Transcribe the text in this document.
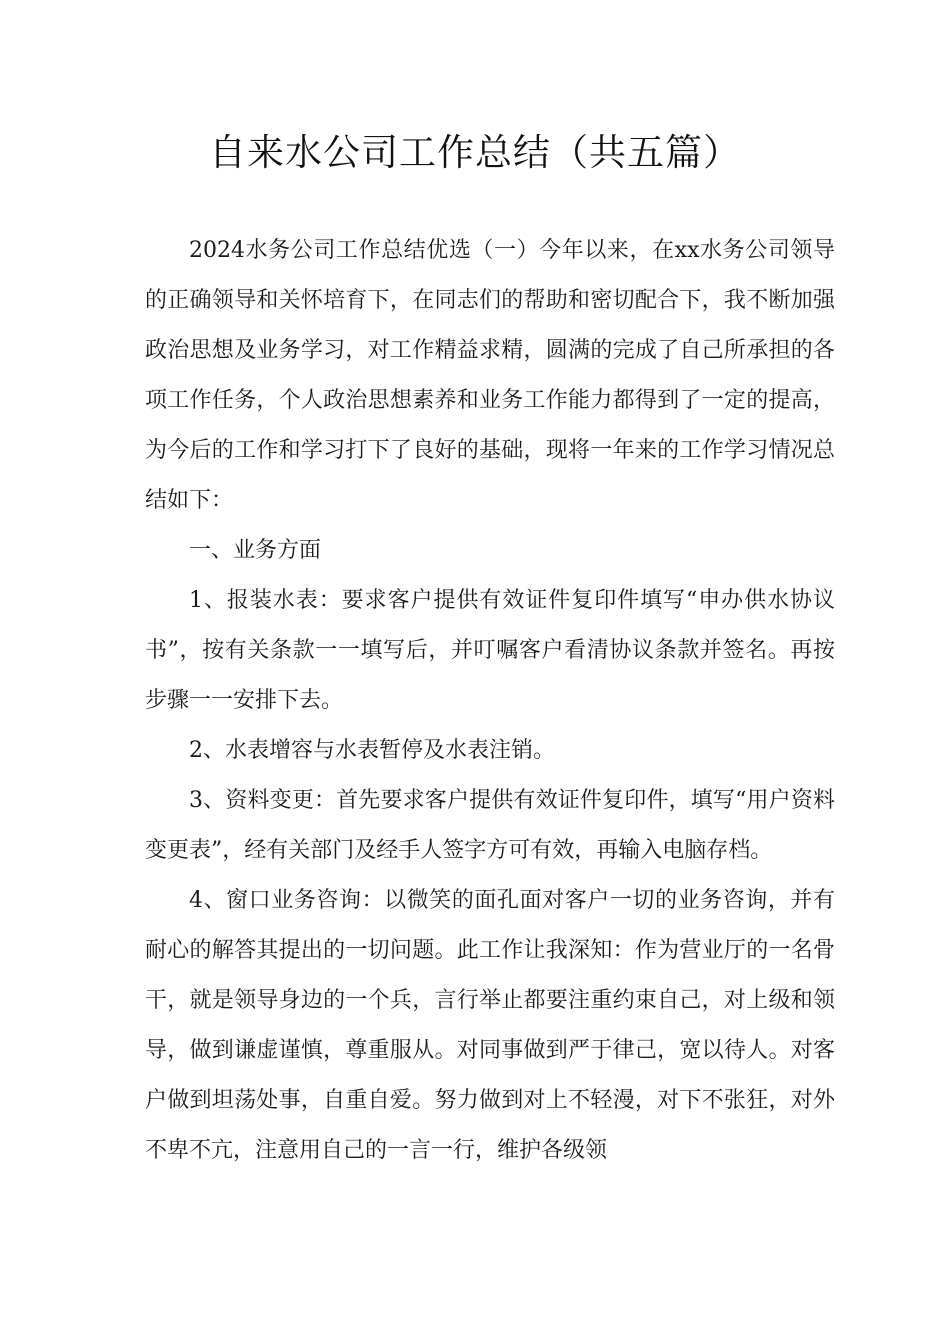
自来水公司工作总结（共五篇）

2024水务公司工作总结优选（一）今年以来，在xx水务公司领导的正确领导和关怀培育下，在同志们的帮助和密切配合下，我不断加强政治思想及业务学习，对工作精益求精，圆满的完成了自己所承担的各项工作任务，个人政治思想素养和业务工作能力都得到了一定的提高，为今后的工作和学习打下了良好的基础，现将一年来的工作学习情况总结如下：

一、业务方面

1、报装水表：要求客户提供有效证件复印件填写“申办供水协议书”，按有关条款一一填写后，并叮嘱客户看清协议条款并签名。再按步骤一一安排下去。

2、水表增容与水表暂停及水表注销。

3、资料变更：首先要求客户提供有效证件复印件，填写“用户资料变更表”，经有关部门及经手人签字方可有效，再输入电脑存档。

4、窗口业务咨询：以微笑的面孔面对客户一切的业务咨询，并有耐心的解答其提出的一切问题。此工作让我深知：作为营业厅的一名骨干，就是领导身边的一个兵，言行举止都要注重约束自己，对上级和领导，做到谦虚谨慎，尊重服从。对同事做到严于律己，宽以待人。对客户做到坦荡处事，自重自爱。努力做到对上不轻漫，对下不张狂，对外不卑不亢，注意用自己的一言一行，维护各级领
